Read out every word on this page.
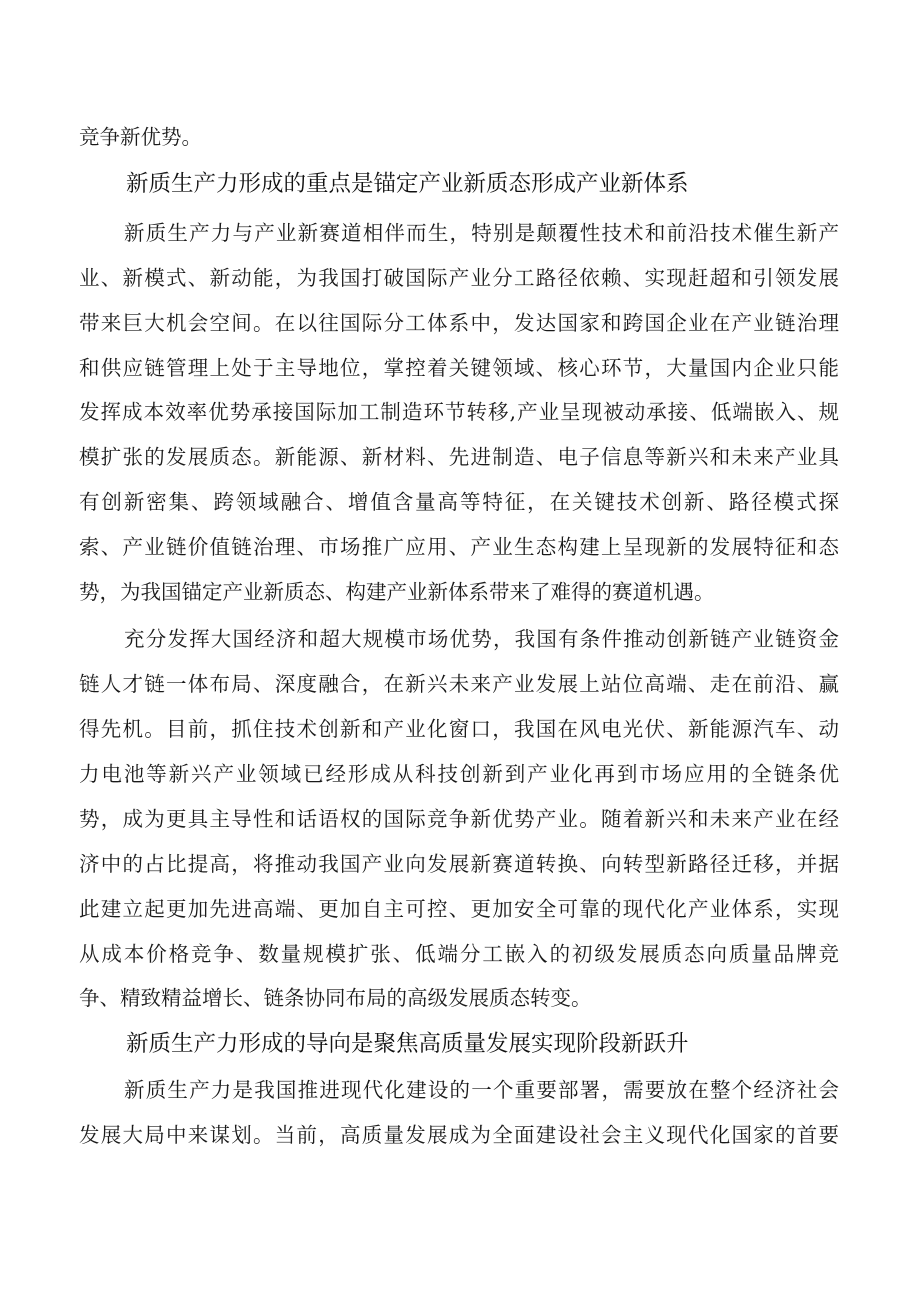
竞争新优势。
新质生产力形成的重点是锚定产业新质态形成产业新体系
新质生产力与产业新赛道相伴而生，特别是颠覆性技术和前沿技术催生新产
业、新模式、新动能，为我国打破国际产业分工路径依赖、实现赶超和引领发展
带来巨大机会空间。在以往国际分工体系中，发达国家和跨国企业在产业链治理
和供应链管理上处于主导地位，掌控着关键领域、核心环节，大量国内企业只能
发挥成本效率优势承接国际加工制造环节转移,产业呈现被动承接、低端嵌入、规
模扩张的发展质态。新能源、新材料、先进制造、电子信息等新兴和未来产业具
有创新密集、跨领域融合、增值含量高等特征，在关键技术创新、路径模式探
索、产业链价值链治理、市场推广应用、产业生态构建上呈现新的发展特征和态
势，为我国锚定产业新质态、构建产业新体系带来了难得的赛道机遇。
充分发挥大国经济和超大规模市场优势，我国有条件推动创新链产业链资金
链人才链一体布局、深度融合，在新兴未来产业发展上站位高端、走在前沿、赢
得先机。目前，抓住技术创新和产业化窗口，我国在风电光伏、新能源汽车、动
力电池等新兴产业领域已经形成从科技创新到产业化再到市场应用的全链条优
势，成为更具主导性和话语权的国际竞争新优势产业。随着新兴和未来产业在经
济中的占比提高，将推动我国产业向发展新赛道转换、向转型新路径迁移，并据
此建立起更加先进高端、更加自主可控、更加安全可靠的现代化产业体系，实现
从成本价格竞争、数量规模扩张、低端分工嵌入的初级发展质态向质量品牌竞
争、精致精益增长、链条协同布局的高级发展质态转变。
新质生产力形成的导向是聚焦高质量发展实现阶段新跃升
新质生产力是我国推进现代化建设的一个重要部署，需要放在整个经济社会
发展大局中来谋划。当前，高质量发展成为全面建设社会主义现代化国家的首要
